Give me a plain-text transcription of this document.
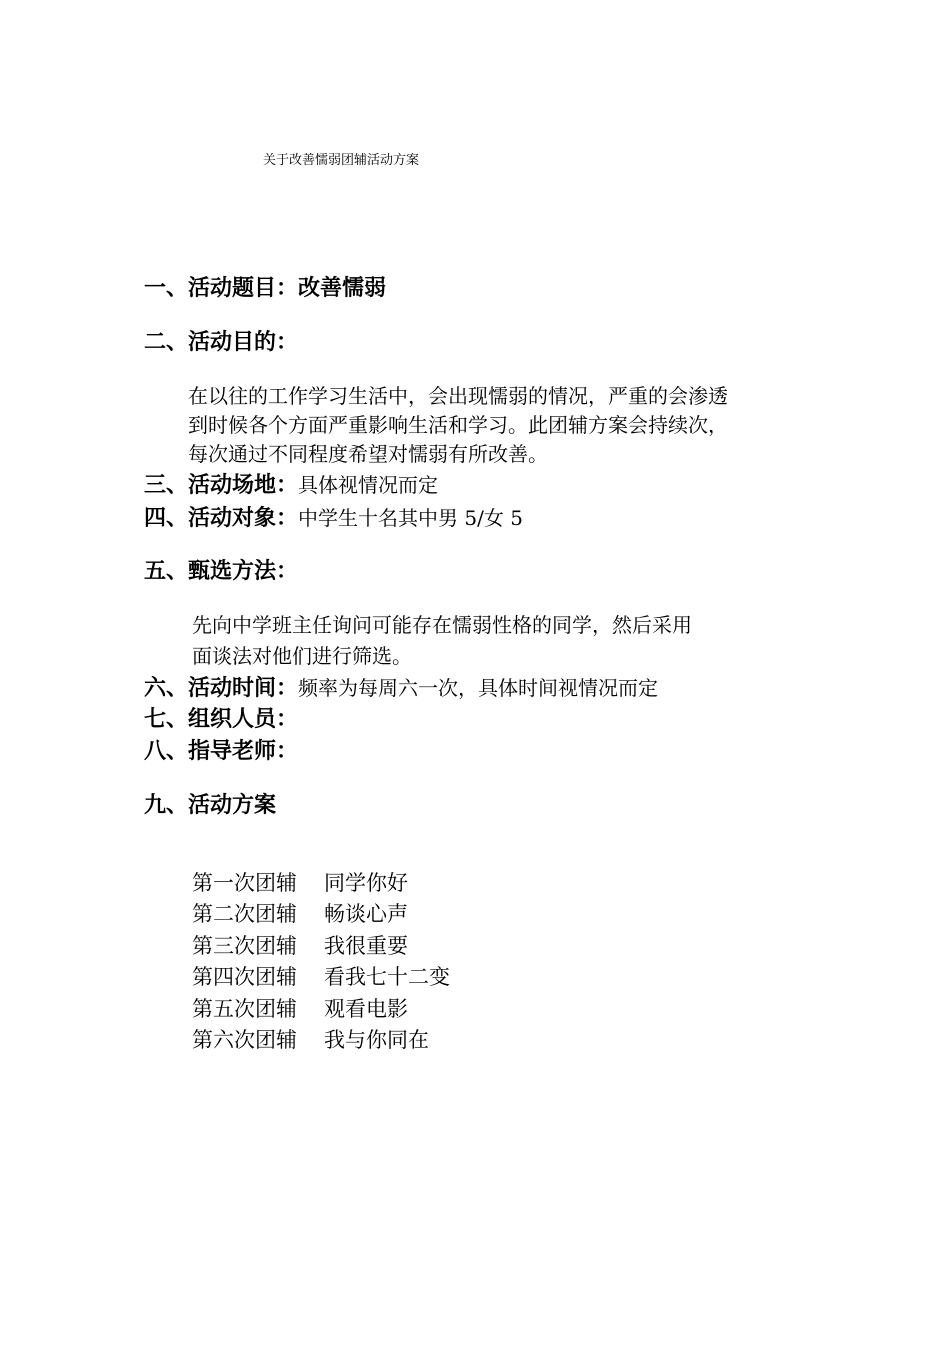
关于改善懦弱团辅活动方案
一、活动题目：改善懦弱
二、活动目的：

在以往的工作学习生活中，会出现懦弱的情况，严重的会渗透

到时候各个方面严重影响生活和学习。此团辅方案会持续次，

每次通过不同程度希望对懦弱有所改善。

三、活动场地：具体视情况而定
四、活动对象：中学生十名其中男 5/女 5
五、甄选方法：

先向中学班主任询问可能存在懦弱性格的同学，然后采用

面谈法对他们进行筛选。

六、活动时间：频率为每周六一次，具体时间视情况而定
七、组织人员：
八、指导老师：
九、活动方案
第一次团辅 同学你好
第二次团辅 畅谈心声
第三次团辅 我很重要
第四次团辅 看我七十二变
第五次团辅 观看电影
第六次团辅 我与你同在
